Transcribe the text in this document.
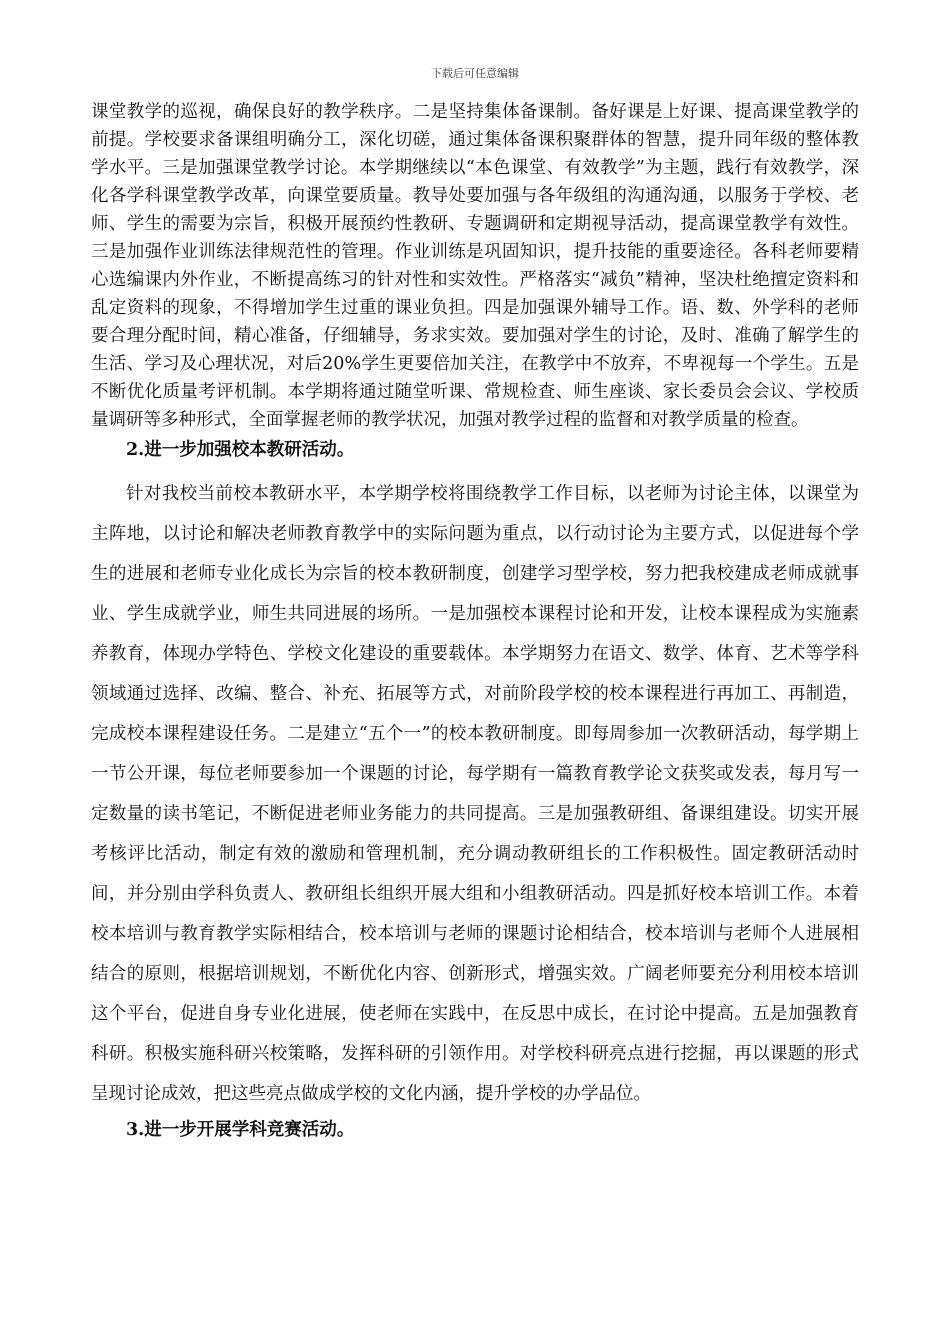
下载后可任意编辑

课堂教学的巡视，确保良好的教学秩序。二是坚持集体备课制。备好课是上好课、提高课堂教学的前提。学校要求备课组明确分工，深化切磋，通过集体备课积聚群体的智慧，提升同年级的整体教学水平。三是加强课堂教学讨论。本学期继续以“本色课堂、有效教学”为主题，践行有效教学，深化各学科课堂教学改革，向课堂要质量。教导处要加强与各年级组的沟通沟通，以服务于学校、老师、学生的需要为宗旨，积极开展预约性教研、专题调研和定期视导活动，提高课堂教学有效性。三是加强作业训练法律规范性的管理。作业训练是巩固知识，提升技能的重要途径。各科老师要精心选编课内外作业，不断提高练习的针对性和实效性。严格落实“减负”精神，坚决杜绝擅定资料和乱定资料的现象，不得增加学生过重的课业负担。四是加强课外辅导工作。语、数、外学科的老师要合理分配时间，精心准备，仔细辅导，务求实效。要加强对学生的讨论，及时、准确了解学生的生活、学习及心理状况，对后20%学生更要倍加关注，在教学中不放弃，不卑视每一个学生。五是不断优化质量考评机制。本学期将通过随堂听课、常规检查、师生座谈、家长委员会会议、学校质量调研等多种形式，全面掌握老师的教学状况，加强对教学过程的监督和对教学质量的检查。

2.进一步加强校本教研活动。

针对我校当前校本教研水平，本学期学校将围绕教学工作目标，以老师为讨论主体，以课堂为主阵地，以讨论和解决老师教育教学中的实际问题为重点，以行动讨论为主要方式，以促进每个学生的进展和老师专业化成长为宗旨的校本教研制度，创建学习型学校，努力把我校建成老师成就事业、学生成就学业，师生共同进展的场所。一是加强校本课程讨论和开发，让校本课程成为实施素养教育，体现办学特色、学校文化建设的重要载体。本学期努力在语文、数学、体育、艺术等学科领域通过选择、改编、整合、补充、拓展等方式，对前阶段学校的校本课程进行再加工、再制造，完成校本课程建设任务。二是建立“五个一”的校本教研制度。即每周参加一次教研活动，每学期上一节公开课，每位老师要参加一个课题的讨论，每学期有一篇教育教学论文获奖或发表，每月写一定数量的读书笔记，不断促进老师业务能力的共同提高。三是加强教研组、备课组建设。切实开展考核评比活动，制定有效的激励和管理机制，充分调动教研组长的工作积极性。固定教研活动时间，并分别由学科负责人、教研组长组织开展大组和小组教研活动。四是抓好校本培训工作。本着校本培训与教育教学实际相结合，校本培训与老师的课题讨论相结合，校本培训与老师个人进展相结合的原则，根据培训规划，不断优化内容、创新形式，增强实效。广阔老师要充分利用校本培训这个平台，促进自身专业化进展，使老师在实践中，在反思中成长，在讨论中提高。五是加强教育科研。积极实施科研兴校策略，发挥科研的引领作用。对学校科研亮点进行挖掘，再以课题的形式呈现讨论成效，把这些亮点做成学校的文化内涵，提升学校的办学品位。

3.进一步开展学科竞赛活动。
